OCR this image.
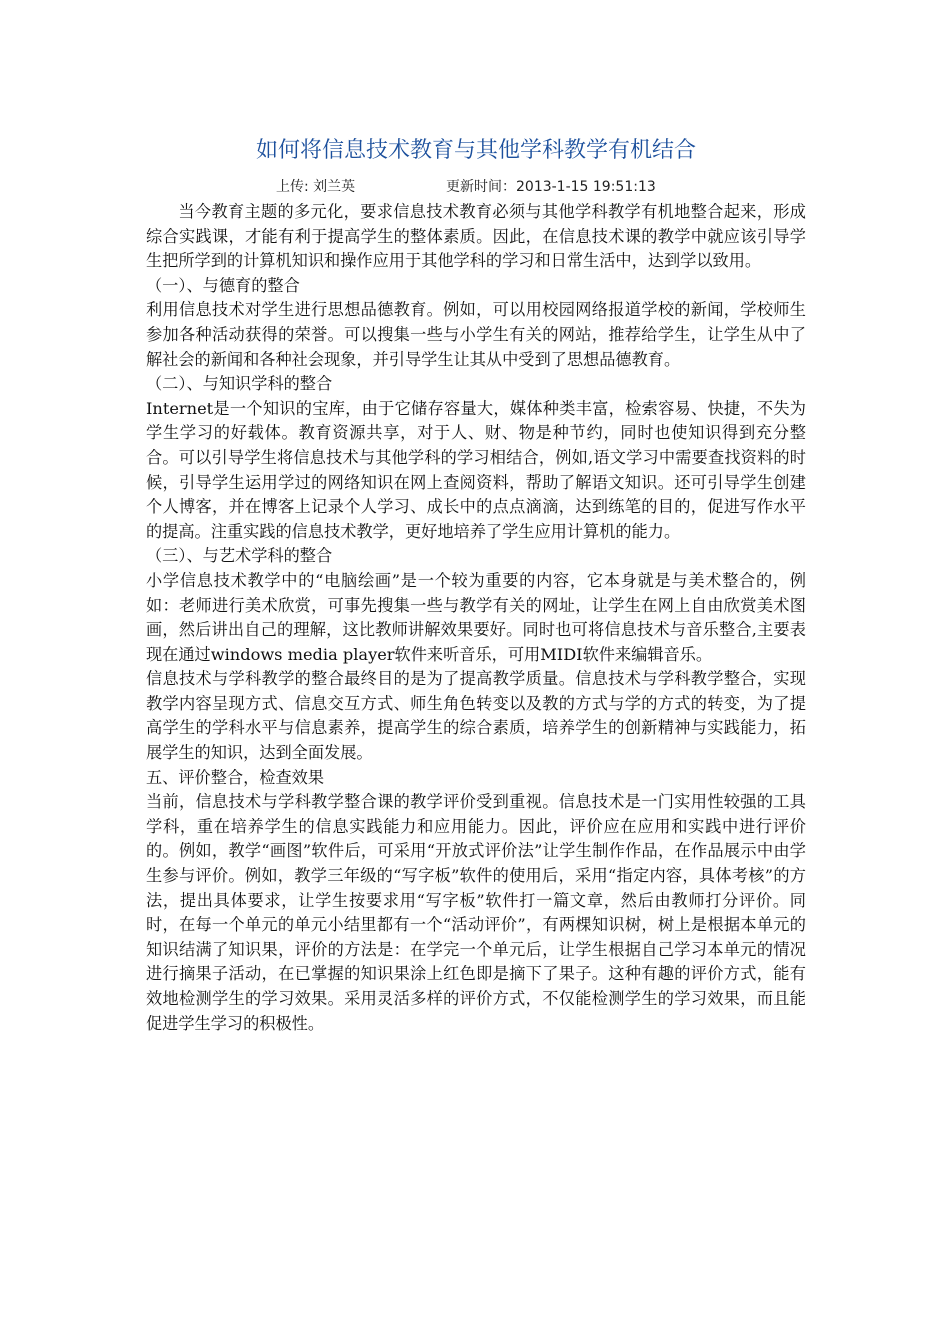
如何将信息技术教育与其他学科教学有机结合
上传: 刘兰英	更新时间：2013-1-15 19:51:13

当今教育主题的多元化，要求信息技术教育必须与其他学科教学有机地整合起来，形成综合实践课，才能有利于提高学生的整体素质。因此，在信息技术课的教学中就应该引导学生把所学到的计算机知识和操作应用于其他学科的学习和日常生活中，达到学以致用。

（一）、与德育的整合

利用信息技术对学生进行思想品德教育。例如，可以用校园网络报道学校的新闻，学校师生参加各种活动获得的荣誉。可以搜集一些与小学生有关的网站，推荐给学生，让学生从中了解社会的新闻和各种社会现象，并引导学生让其从中受到了思想品德教育。

（二）、与知识学科的整合

Internet是一个知识的宝库，由于它储存容量大，媒体种类丰富，检索容易、快捷，不失为学生学习的好载体。教育资源共享，对于人、财、物是种节约，同时也使知识得到充分整合。可以引导学生将信息技术与其他学科的学习相结合，例如,语文学习中需要查找资料的时候，引导学生运用学过的网络知识在网上查阅资料，帮助了解语文知识。还可引导学生创建个人博客，并在博客上记录个人学习、成长中的点点滴滴，达到练笔的目的，促进写作水平的提高。注重实践的信息技术教学，更好地培养了学生应用计算机的能力。

（三）、与艺术学科的整合

小学信息技术教学中的“电脑绘画”是一个较为重要的内容，它本身就是与美术整合的，例如：老师进行美术欣赏，可事先搜集一些与教学有关的网址，让学生在网上自由欣赏美术图画，然后讲出自己的理解，这比教师讲解效果要好。同时也可将信息技术与音乐整合,主要表现在通过windows media player软件来听音乐，可用MIDI软件来编辑音乐。

信息技术与学科教学的整合最终目的是为了提高教学质量。信息技术与学科教学整合，实现教学内容呈现方式、信息交互方式、师生角色转变以及教的方式与学的方式的转变，为了提高学生的学科水平与信息素养，提高学生的综合素质，培养学生的创新精神与实践能力，拓展学生的知识，达到全面发展。

五、评价整合，检查效果

当前，信息技术与学科教学整合课的教学评价受到重视。信息技术是一门实用性较强的工具学科，重在培养学生的信息实践能力和应用能力。因此，评价应在应用和实践中进行评价的。例如，教学“画图”软件后，可采用“开放式评价法”让学生制作作品，在作品展示中由学生参与评价。例如，教学三年级的“写字板”软件的使用后，采用“指定内容，具体考核”的方法，提出具体要求，让学生按要求用“写字板”软件打一篇文章，然后由教师打分评价。同时，在每一个单元的单元小结里都有一个“活动评价”，有两棵知识树，树上是根据本单元的知识结满了知识果，评价的方法是：在学完一个单元后，让学生根据自己学习本单元的情况进行摘果子活动，在已掌握的知识果涂上红色即是摘下了果子。这种有趣的评价方式，能有效地检测学生的学习效果。采用灵活多样的评价方式，不仅能检测学生的学习效果，而且能促进学生学习的积极性。
